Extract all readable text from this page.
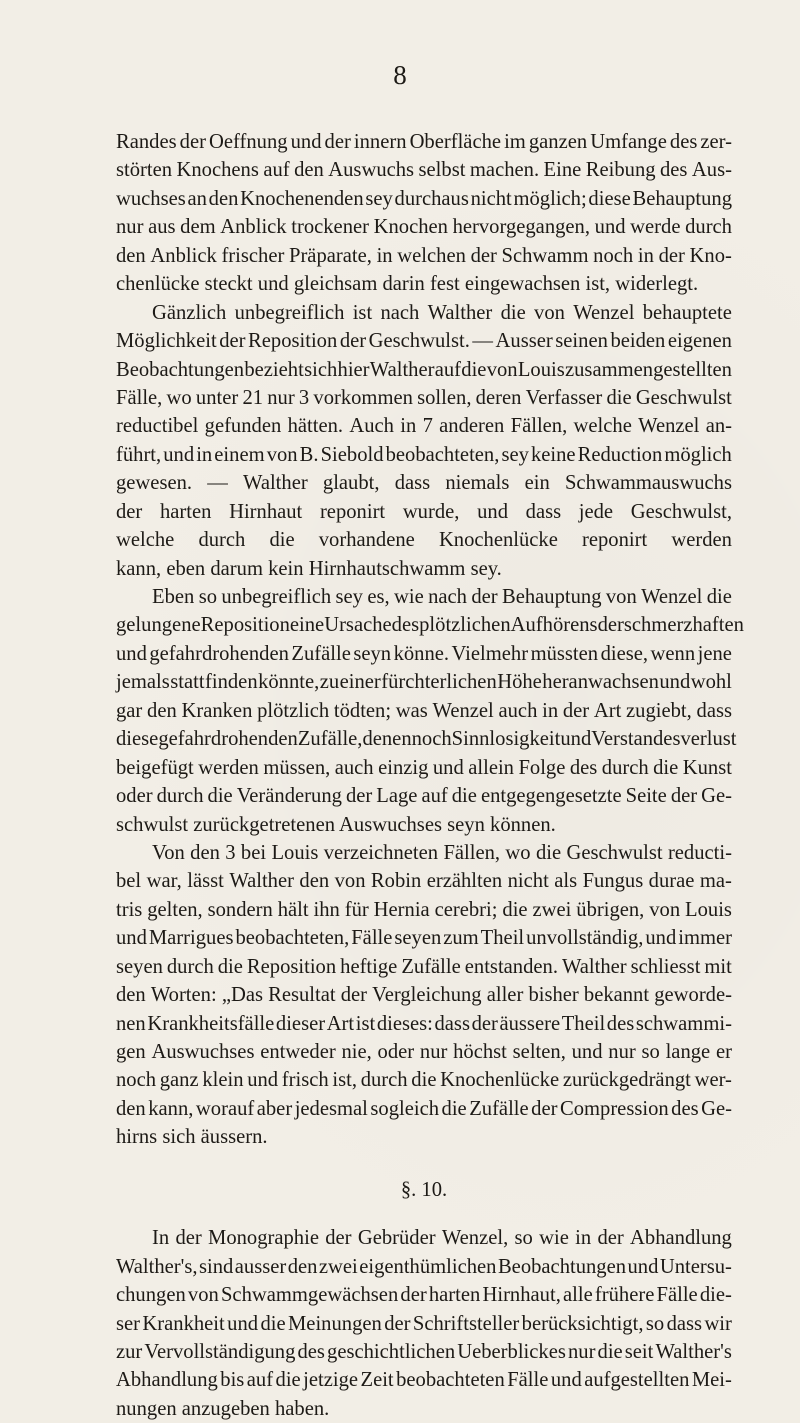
8
Randes der Oeffnung und der innern Oberfläche im ganzen Umfange des zer-
störten Knochens auf den Auswuchs selbst machen. Eine Reibung des Aus-
wuchses an den Knochenenden sey durchaus nicht möglich; diese Behauptung
nur aus dem Anblick trockener Knochen hervorgegangen, und werde durch
den Anblick frischer Präparate, in welchen der Schwamm noch in der Kno-
chenlücke steckt und gleichsam darin fest eingewachsen ist, widerlegt.
Gänzlich unbegreiflich ist nach Walther die von Wenzel behauptete
Möglichkeit der Reposition der Geschwulst. — Ausser seinen beiden eigenen
Beobachtungen bezieht sich hier Walther auf die von Louis zusammengestellten
Fälle, wo unter 21 nur 3 vorkommen sollen, deren Verfasser die Geschwulst
reductibel gefunden hätten. Auch in 7 anderen Fällen, welche Wenzel an-
führt, und in einem von B. Siebold beobachteten, sey keine Reduction möglich
gewesen. — Walther glaubt, dass niemals ein Schwammauswuchs
der harten Hirnhaut reponirt wurde, und dass jede Geschwulst,
welche durch die vorhandene Knochenlücke reponirt werden
kann, eben darum kein Hirnhautschwamm sey.
Eben so unbegreiflich sey es, wie nach der Behauptung von Wenzel die
gelungene Reposition eine Ursache des plötzlichen Aufhörens der schmerzhaften
und gefahrdrohenden Zufälle seyn könne. Vielmehr müssten diese, wenn jene
jemals statt finden könnte, zu einer fürchterlichen Höhe heranwachsen und wohl
gar den Kranken plötzlich tödten; was Wenzel auch in der Art zugiebt, dass
diese gefahrdrohenden Zufälle, denen noch Sinnlosigkeit und Verstandesverlust
beigefügt werden müssen, auch einzig und allein Folge des durch die Kunst
oder durch die Veränderung der Lage auf die entgegengesetzte Seite der Ge-
schwulst zurückgetretenen Auswuchses seyn können.
Von den 3 bei Louis verzeichneten Fällen, wo die Geschwulst reducti-
bel war, lässt Walther den von Robin erzählten nicht als Fungus durae ma-
tris gelten, sondern hält ihn für Hernia cerebri; die zwei übrigen, von Louis
und Marrigues beobachteten, Fälle seyen zum Theil unvollständig, und immer
seyen durch die Reposition heftige Zufälle entstanden. Walther schliesst mit
den Worten: „Das Resultat der Vergleichung aller bisher bekannt geworde-
nen Krankheitsfälle dieser Art ist dieses: dass der äussere Theil des schwammi-
gen Auswuchses entweder nie, oder nur höchst selten, und nur so lange er
noch ganz klein und frisch ist, durch die Knochenlücke zurückgedrängt wer-
den kann, worauf aber jedesmal sogleich die Zufälle der Compression des Ge-
hirns sich äussern.
§. 10.
In der Monographie der Gebrüder Wenzel, so wie in der Abhandlung
Walther's, sind ausser den zwei eigenthümlichen Beobachtungen und Untersu-
chungen von Schwammgewächsen der harten Hirnhaut, alle frühere Fälle die-
ser Krankheit und die Meinungen der Schriftsteller berücksichtigt, so dass wir
zur Vervollständigung des geschichtlichen Ueberblickes nur die seit Walther's
Abhandlung bis auf die jetzige Zeit beobachteten Fälle und aufgestellten Mei-
nungen anzugeben haben.
